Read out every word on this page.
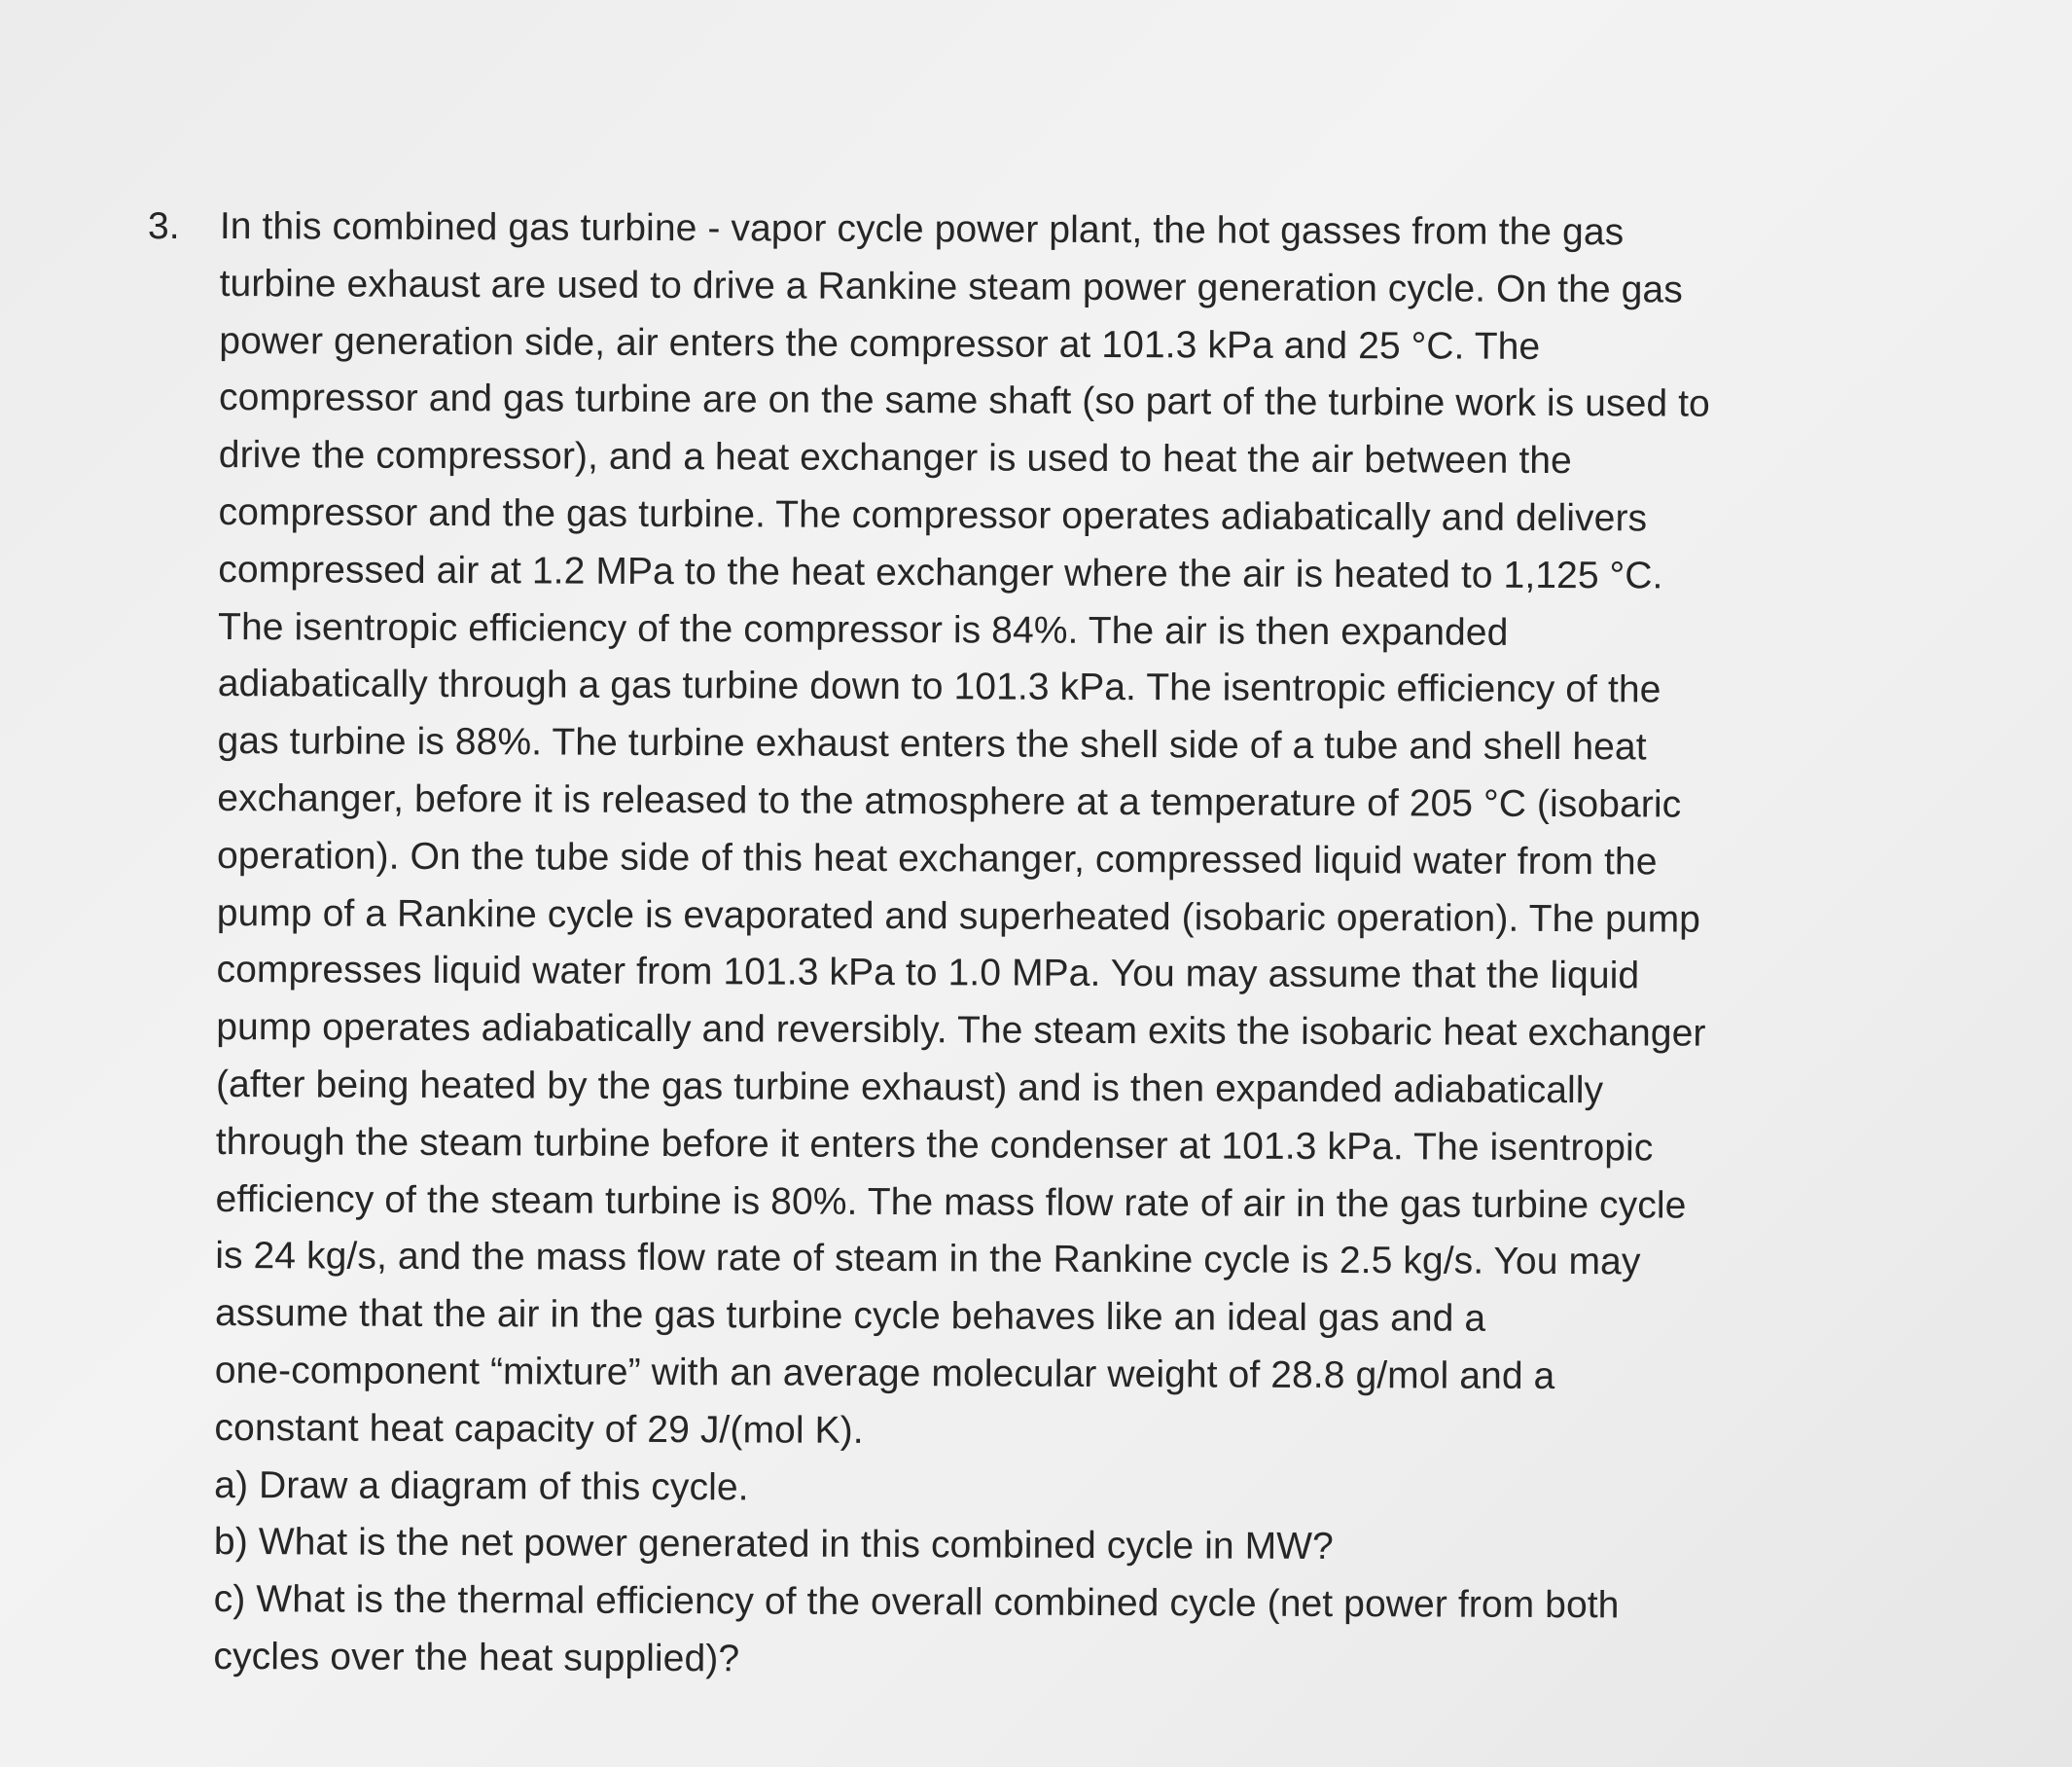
3. In this combined gas turbine - vapor cycle power plant, the hot gasses from the gas
turbine exhaust are used to drive a Rankine steam power generation cycle. On the gas
power generation side, air enters the compressor at 101.3 kPa and 25 °C. The
compressor and gas turbine are on the same shaft (so part of the turbine work is used to
drive the compressor), and a heat exchanger is used to heat the air between the
compressor and the gas turbine. The compressor operates adiabatically and delivers
compressed air at 1.2 MPa to the heat exchanger where the air is heated to 1,125 °C.
The isentropic efficiency of the compressor is 84%. The air is then expanded
adiabatically through a gas turbine down to 101.3 kPa. The isentropic efficiency of the
gas turbine is 88%. The turbine exhaust enters the shell side of a tube and shell heat
exchanger, before it is released to the atmosphere at a temperature of 205 °C (isobaric
operation). On the tube side of this heat exchanger, compressed liquid water from the
pump of a Rankine cycle is evaporated and superheated (isobaric operation). The pump
compresses liquid water from 101.3 kPa to 1.0 MPa. You may assume that the liquid
pump operates adiabatically and reversibly. The steam exits the isobaric heat exchanger
(after being heated by the gas turbine exhaust) and is then expanded adiabatically
through the steam turbine before it enters the condenser at 101.3 kPa. The isentropic
efficiency of the steam turbine is 80%. The mass flow rate of air in the gas turbine cycle
is 24 kg/s, and the mass flow rate of steam in the Rankine cycle is 2.5 kg/s. You may
assume that the air in the gas turbine cycle behaves like an ideal gas and a
one-component “mixture” with an average molecular weight of 28.8 g/mol and a
constant heat capacity of 29 J/(mol K).
a) Draw a diagram of this cycle.
b) What is the net power generated in this combined cycle in MW?
c) What is the thermal efficiency of the overall combined cycle (net power from both
cycles over the heat supplied)?
